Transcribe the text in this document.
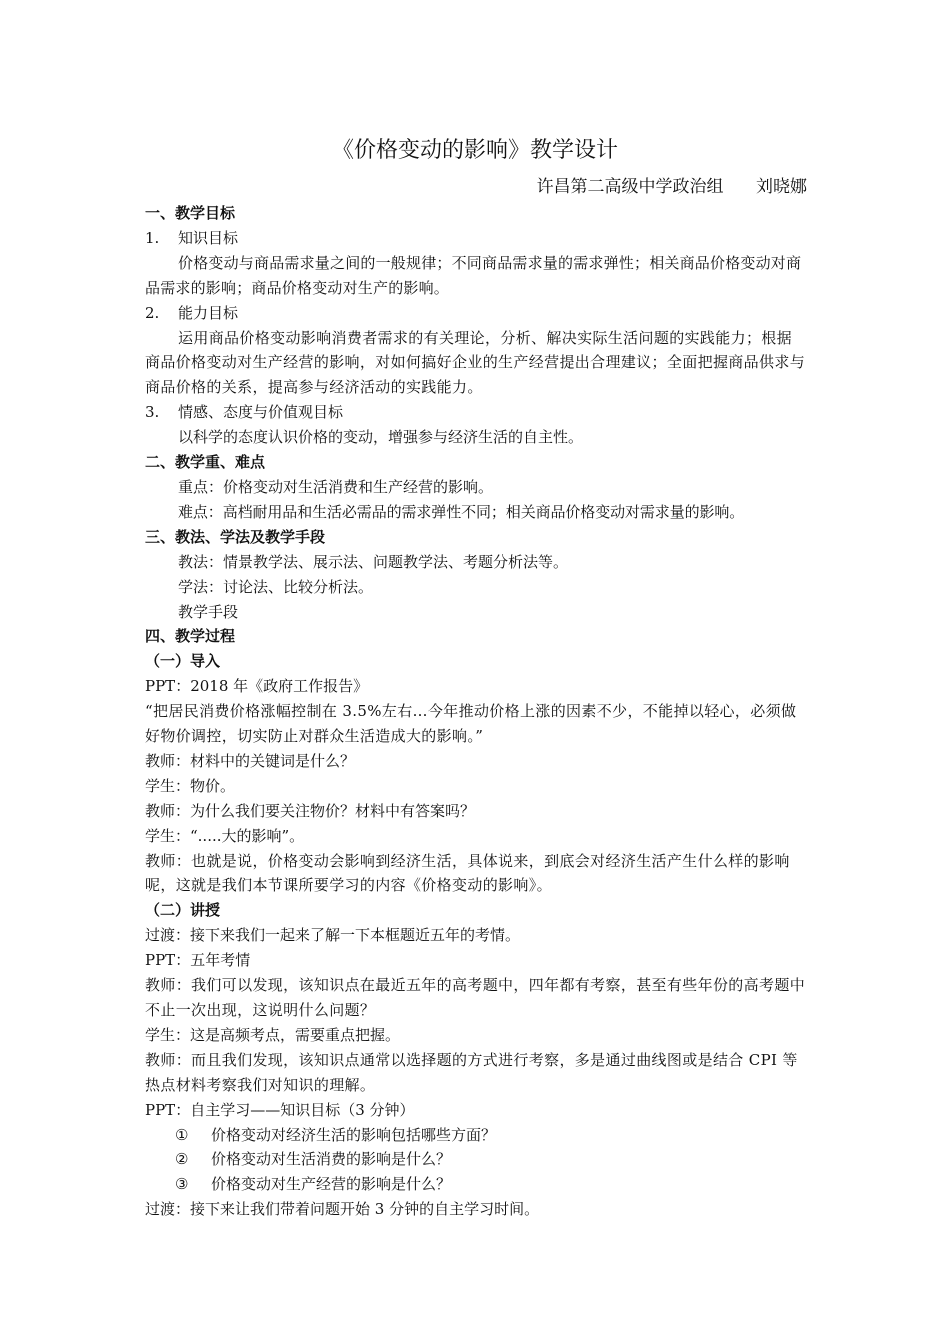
《价格变动的影响》教学设计
许昌第二高级中学政治组      刘晓娜
一、教学目标
1. 知识目标
价格变动与商品需求量之间的一般规律；不同商品需求量的需求弹性；相关商品价格变动对商品需求的影响；商品价格变动对生产的影响。
2. 能力目标
运用商品价格变动影响消费者需求的有关理论，分析、解决实际生活问题的实践能力；根据商品价格变动对生产经营的影响，对如何搞好企业的生产经营提出合理建议；全面把握商品供求与商品价格的关系，提高参与经济活动的实践能力。
3. 情感、态度与价值观目标
以科学的态度认识价格的变动，增强参与经济生活的自主性。
二、教学重、难点
重点：价格变动对生活消费和生产经营的影响。
难点：高档耐用品和生活必需品的需求弹性不同；相关商品价格变动对需求量的影响。
三、教法、学法及教学手段
教法：情景教学法、展示法、问题教学法、考题分析法等。
学法：讨论法、比较分析法。
教学手段
四、教学过程
（一）导入
PPT：2018 年《政府工作报告》
“把居民消费价格涨幅控制在 3.5%左右…今年推动价格上涨的因素不少，不能掉以轻心，必须做好物价调控，切实防止对群众生活造成大的影响。”
教师：材料中的关键词是什么？
学生：物价。
教师：为什么我们要关注物价？材料中有答案吗？
学生：“.....大的影响”。
教师：也就是说，价格变动会影响到经济生活，具体说来，到底会对经济生活产生什么样的影响呢，这就是我们本节课所要学习的内容《价格变动的影响》。
（二）讲授
过渡：接下来我们一起来了解一下本框题近五年的考情。
PPT：五年考情
教师：我们可以发现，该知识点在最近五年的高考题中，四年都有考察，甚至有些年份的高考题中不止一次出现，这说明什么问题？
学生：这是高频考点，需要重点把握。
教师：而且我们发现，该知识点通常以选择题的方式进行考察，多是通过曲线图或是结合 CPI 等热点材料考察我们对知识的理解。
PPT：自主学习——知识目标（3 分钟）
① 价格变动对经济生活的影响包括哪些方面？
② 价格变动对生活消费的影响是什么？
③ 价格变动对生产经营的影响是什么？
过渡：接下来让我们带着问题开始 3 分钟的自主学习时间。
